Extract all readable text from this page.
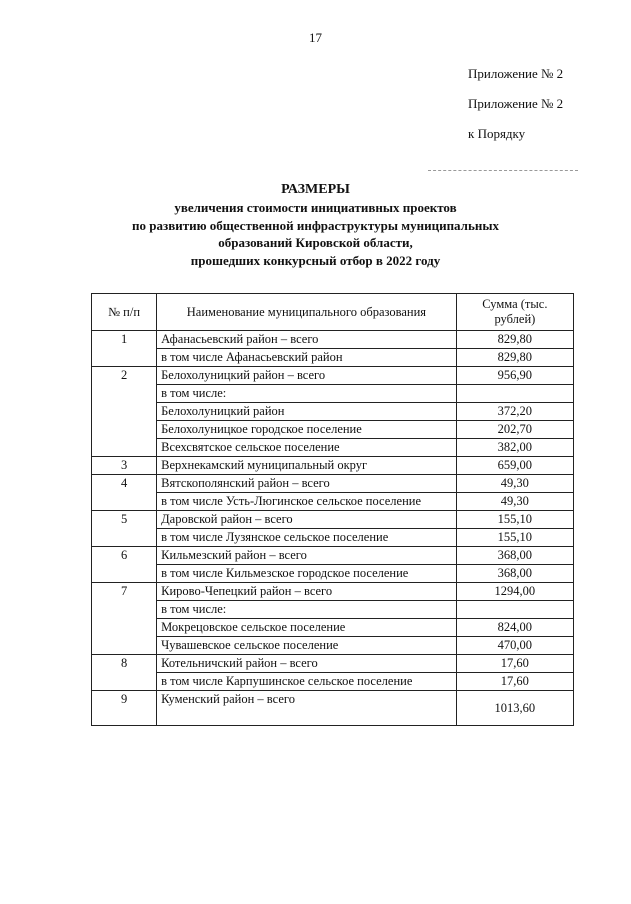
17
Приложение № 2
Приложение № 2
к Порядку
РАЗМЕРЫ
увеличения стоимости инициативных проектов
по развитию общественной инфраструктуры муниципальных
образований Кировской области,
прошедших конкурсный отбор в 2022 году
№ п/п	Наименование муниципального образования	Сумма (тыс. рублей)
1	Афанасьевский район – всего	829,80
	в том числе Афанасьевский район	829,80
2	Белохолуницкий район – всего	956,90
	в том числе:	
	Белохолуницкий район	372,20
	Белохолуницкое городское поселение	202,70
	Всехсвятское сельское поселение	382,00
3	Верхнекамский муниципальный округ	659,00
4	Вятскополянский район – всего	49,30
	в том числе Усть-Люгинское сельское поселение	49,30
5	Даровской район – всего	155,10
	в том числе Лузянское сельское поселение	155,10
6	Кильмезский район – всего	368,00
	в том числе Кильмезское городское поселение	368,00
7	Кирово-Чепецкий район – всего	1294,00
	в том числе:	
	Мокрецовское сельское поселение	824,00
	Чувашевское сельское поселение	470,00
8	Котельничский район – всего	17,60
	в том числе Карпушинское сельское поселение	17,60
9	Куменский район – всего	1013,60
